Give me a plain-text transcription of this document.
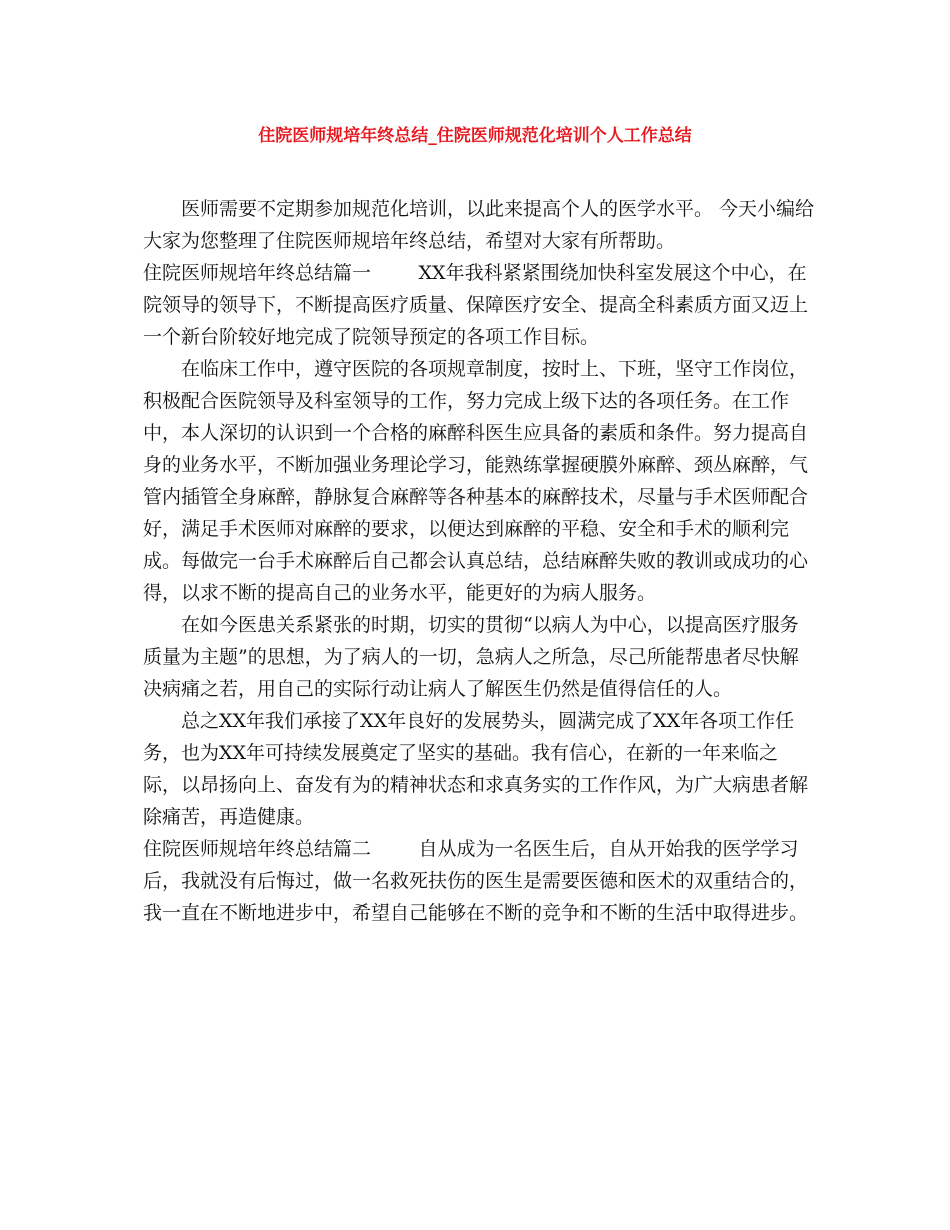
住院医师规培年终总结_住院医师规范化培训个人工作总结

医师需要不定期参加规范化培训，以此来提高个人的医学水平。 今天小编给大家为您整理了住院医师规培年终总结，希望对大家有所帮助。

住院医师规培年终总结篇一	XX年我科紧紧围绕加快科室发展这个中心，在院领导的领导下，不断提高医疗质量、保障医疗安全、提高全科素质方面又迈上一个新台阶较好地完成了院领导预定的各项工作目标。

在临床工作中，遵守医院的各项规章制度，按时上、下班，坚守工作岗位，积极配合医院领导及科室领导的工作，努力完成上级下达的各项任务。在工作中，本人深切的认识到一个合格的麻醉科医生应具备的素质和条件。努力提高自身的业务水平，不断加强业务理论学习，能熟练掌握硬膜外麻醉、颈丛麻醉，气管内插管全身麻醉，静脉复合麻醉等各种基本的麻醉技术，尽量与手术医师配合好，满足手术医师对麻醉的要求，以便达到麻醉的平稳、安全和手术的顺利完成。每做完一台手术麻醉后自己都会认真总结，总结麻醉失败的教训或成功的心得，以求不断的提高自己的业务水平，能更好的为病人服务。

在如今医患关系紧张的时期，切实的贯彻“以病人为中心，以提高医疗服务质量为主题”的思想，为了病人的一切，急病人之所急，尽己所能帮患者尽快解决病痛之若，用自己的实际行动让病人了解医生仍然是值得信任的人。

总之XX年我们承接了XX年良好的发展势头，圆满完成了XX年各项工作任务，也为XX年可持续发展奠定了坚实的基础。我有信心，在新的一年来临之际，以昂扬向上、奋发有为的精神状态和求真务实的工作作风，为广大病患者解除痛苦，再造健康。

住院医师规培年终总结篇二	自从成为一名医生后，自从开始我的医学学习后，我就没有后悔过，做一名救死扶伤的医生是需要医德和医术的双重结合的，我一直在不断地进步中，希望自己能够在不断的竞争和不断的生活中取得进步。
